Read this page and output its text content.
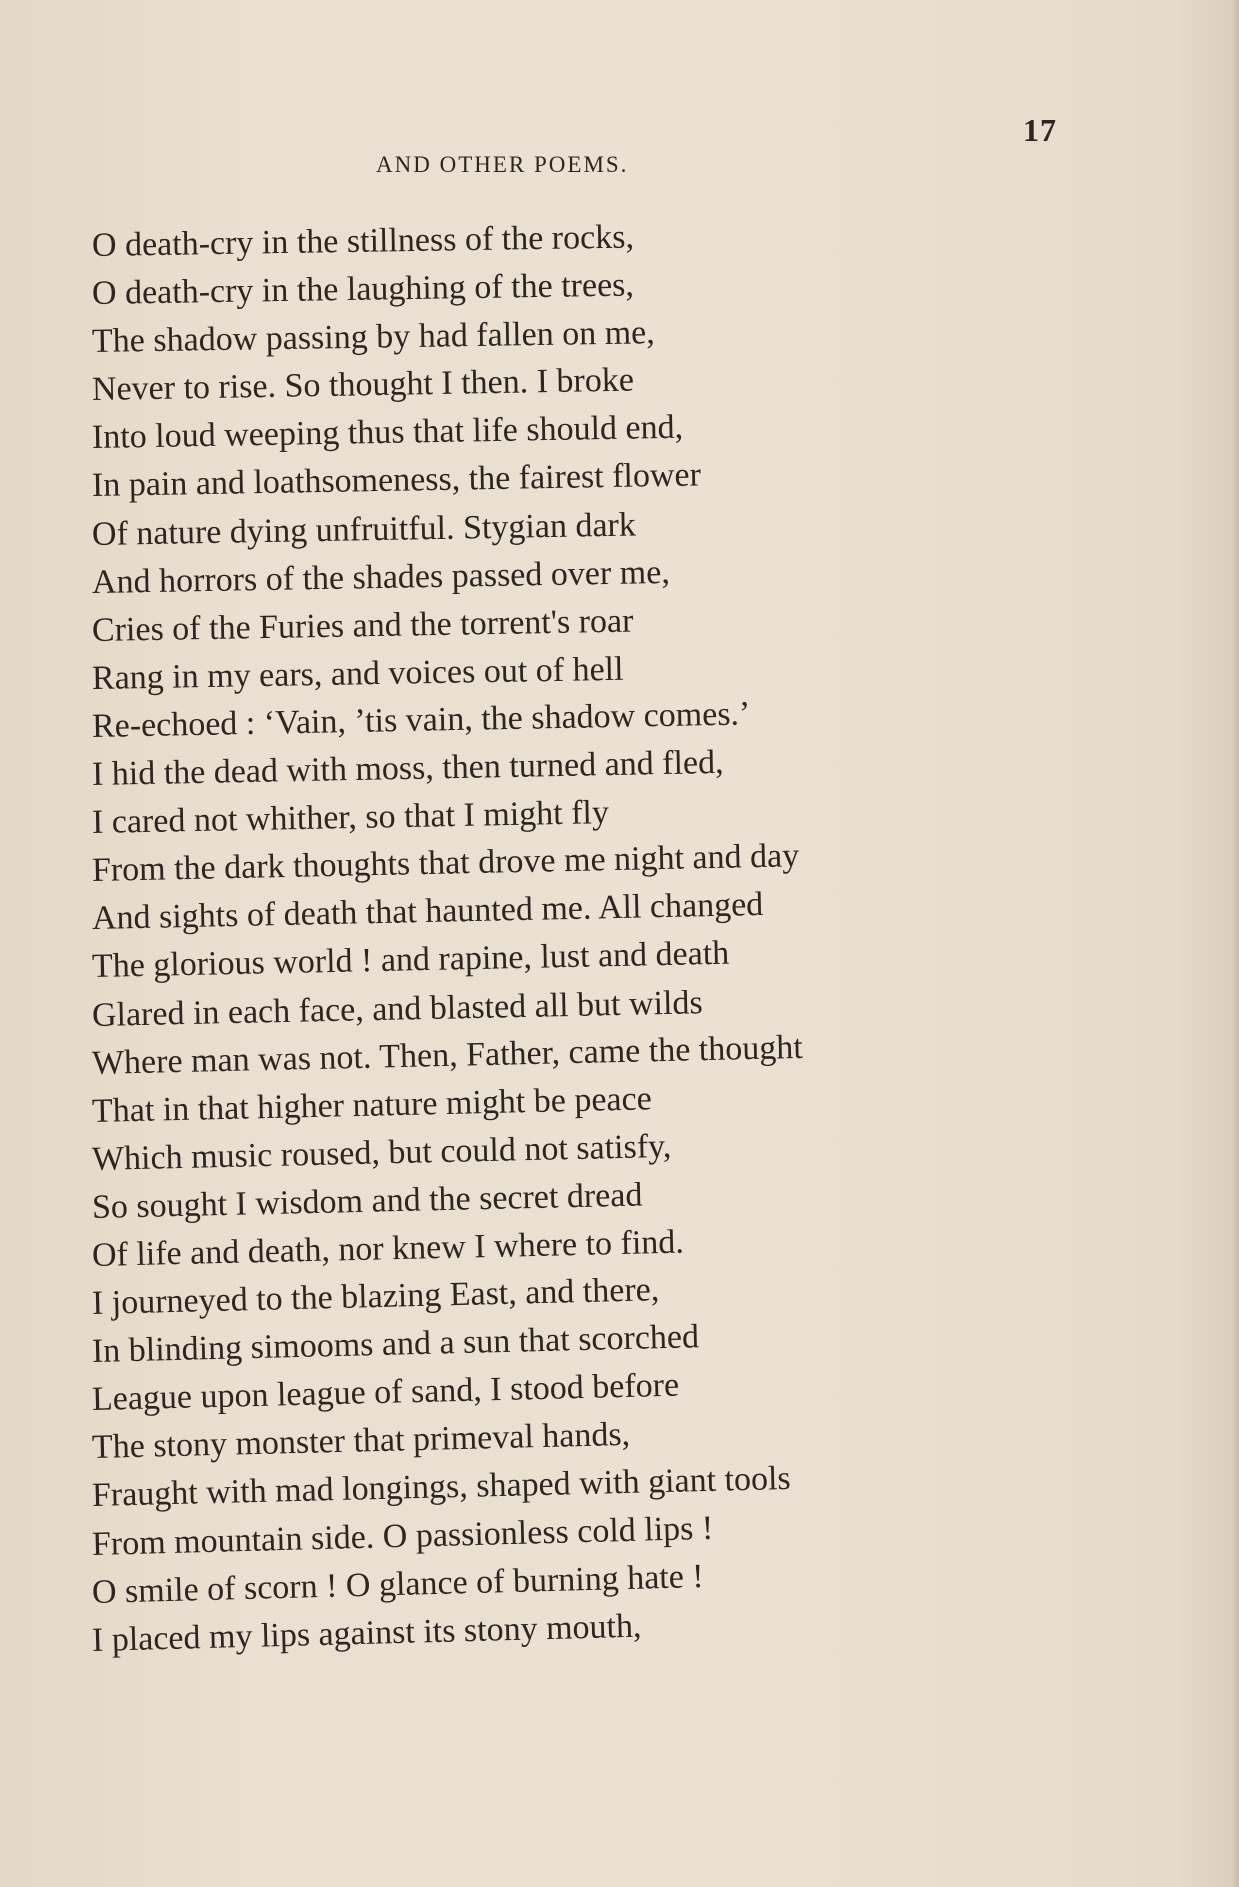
17
AND OTHER POEMS.
O death-cry in the stillness of the rocks,
O death-cry in the laughing of the trees,
The shadow passing by had fallen on me,
Never to rise. So thought I then. I broke
Into loud weeping thus that life should end,
In pain and loathsomeness, the fairest flower
Of nature dying unfruitful. Stygian dark
And horrors of the shades passed over me,
Cries of the Furies and the torrent's roar
Rang in my ears, and voices out of hell
Re-echoed : ‘Vain, ’tis vain, the shadow comes.’
I hid the dead with moss, then turned and fled,
I cared not whither, so that I might fly
From the dark thoughts that drove me night and day
And sights of death that haunted me. All changed
The glorious world ! and rapine, lust and death
Glared in each face, and blasted all but wilds
Where man was not. Then, Father, came the thought
That in that higher nature might be peace
Which music roused, but could not satisfy,
So sought I wisdom and the secret dread
Of life and death, nor knew I where to find.
I journeyed to the blazing East, and there,
In blinding simooms and a sun that scorched
League upon league of sand, I stood before
The stony monster that primeval hands,
Fraught with mad longings, shaped with giant tools
From mountain side. O passionless cold lips !
O smile of scorn ! O glance of burning hate !
I placed my lips against its stony mouth,
